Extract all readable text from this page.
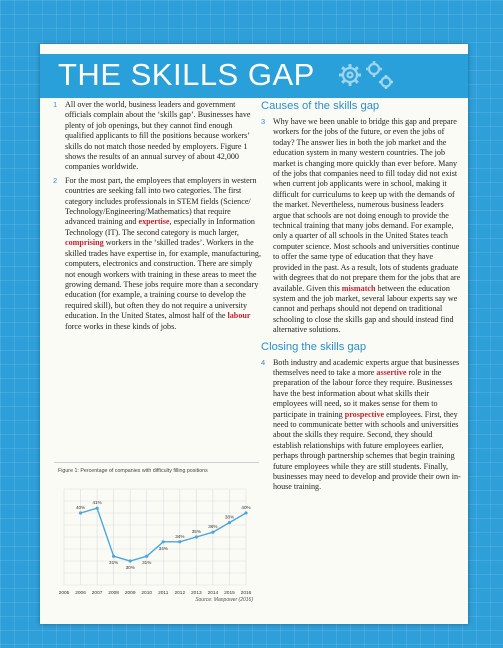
THE SKILLS GAP

1 All over the world, business leaders and government officials complain about the ‘skills gap’. Businesses have plenty of job openings, but they cannot find enough qualified applicants to fill the positions because workers’ skills do not match those needed by employers. Figure 1 shows the results of an annual survey of about 42,000 companies worldwide.

2 For the most part, the employees that employers in western countries are seeking fall into two categories. The first category includes professionals in STEM fields (Science/ Technology/Engineering/Mathematics) that require advanced training and expertise, especially in Information Technology (IT). The second category is much larger, comprising workers in the ‘skilled trades’. Workers in the skilled trades have expertise in, for example, manufacturing, computers, electronics and construction. There are simply not enough workers with training in these areas to meet the growing demand. These jobs require more than a secondary education (for example, a training course to develop the required skill), but often they do not require a university education. In the United States, almost half of the labour force works in these kinds of jobs.

Causes of the skills gap

3 Why have we been unable to bridge this gap and prepare workers for the jobs of the future, or even the jobs of today? The answer lies in both the job market and the education system in many western countries. The job market is changing more quickly than ever before. Many of the jobs that companies need to fill today did not exist when current job applicants were in school, making it difficult for curriculums to keep up with the demands of the market. Nevertheless, numerous business leaders argue that schools are not doing enough to provide the technical training that many jobs demand. For example, only a quarter of all schools in the United States teach computer science. Most schools and universities continue to offer the same type of education that they have provided in the past. As a result, lots of students graduate with degrees that do not prepare them for the jobs that are available. Given this mismatch between the education system and the job market, several labour experts say we cannot and perhaps should not depend on traditional schooling to close the skills gap and should instead find alternative solutions.

Closing the skills gap

4 Both industry and academic experts argue that businesses themselves need to take a more assertive role in the preparation of the labour force they require. Businesses have the best information about what skills their employees will need, so it makes sense for them to participate in training prospective employees. First, they need to communicate better with schools and universities about the skills they require. Second, they should establish relationships with future employees earlier, perhaps through partnership schemes that begin training future employees while they are still students. Finally, businesses may need to develop and provide their own in-house training.

Figure 1: Percentage of companies with difficulty filling positions
2005 2006 2007 2008 2009 2010 2011 2012 2013 2014 2015 2016
40%
41%
31%
30%
31%
34%
34%
35%
36%
38%
40%
Source: Manpower (2016)
